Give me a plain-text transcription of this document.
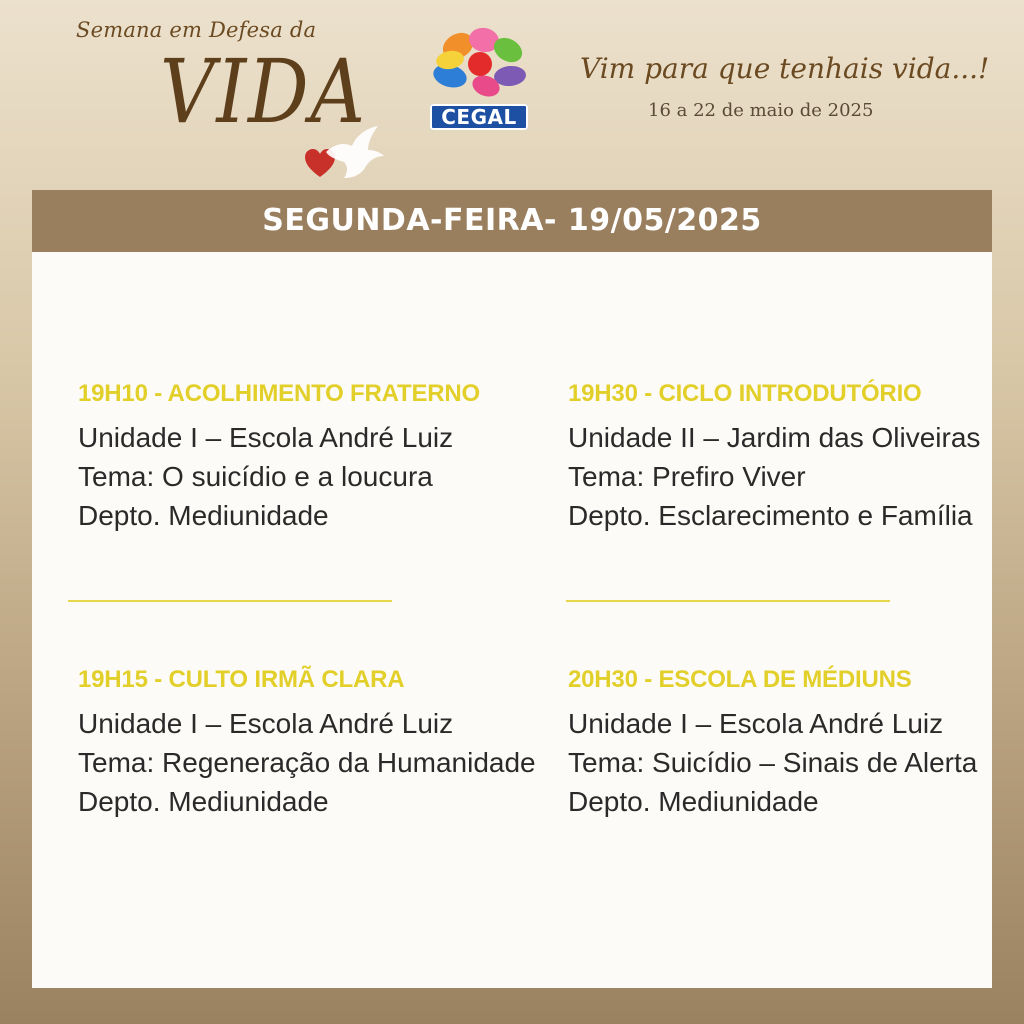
Semana em Defesa da
VIDA	CEGAL
Vim para que tenhais vida...!
16 a 22 de maio de 2025
SEGUNDA-FEIRA- 19/05/2025
19H10 - ACOLHIMENTO FRATERNO
Unidade I – Escola André Luiz
Tema: O suicídio e a loucura
Depto. Mediunidade
19H30 - CICLO INTRODUTÓRIO
Unidade II – Jardim das Oliveiras
Tema: Prefiro Viver
Depto. Esclarecimento e Família
19H15 - CULTO IRMÃ CLARA
Unidade I – Escola André Luiz
Tema: Regeneração da Humanidade
Depto. Mediunidade
20H30 - ESCOLA DE MÉDIUNS
Unidade I – Escola André Luiz
Tema: Suicídio – Sinais de Alerta
Depto. Mediunidade
